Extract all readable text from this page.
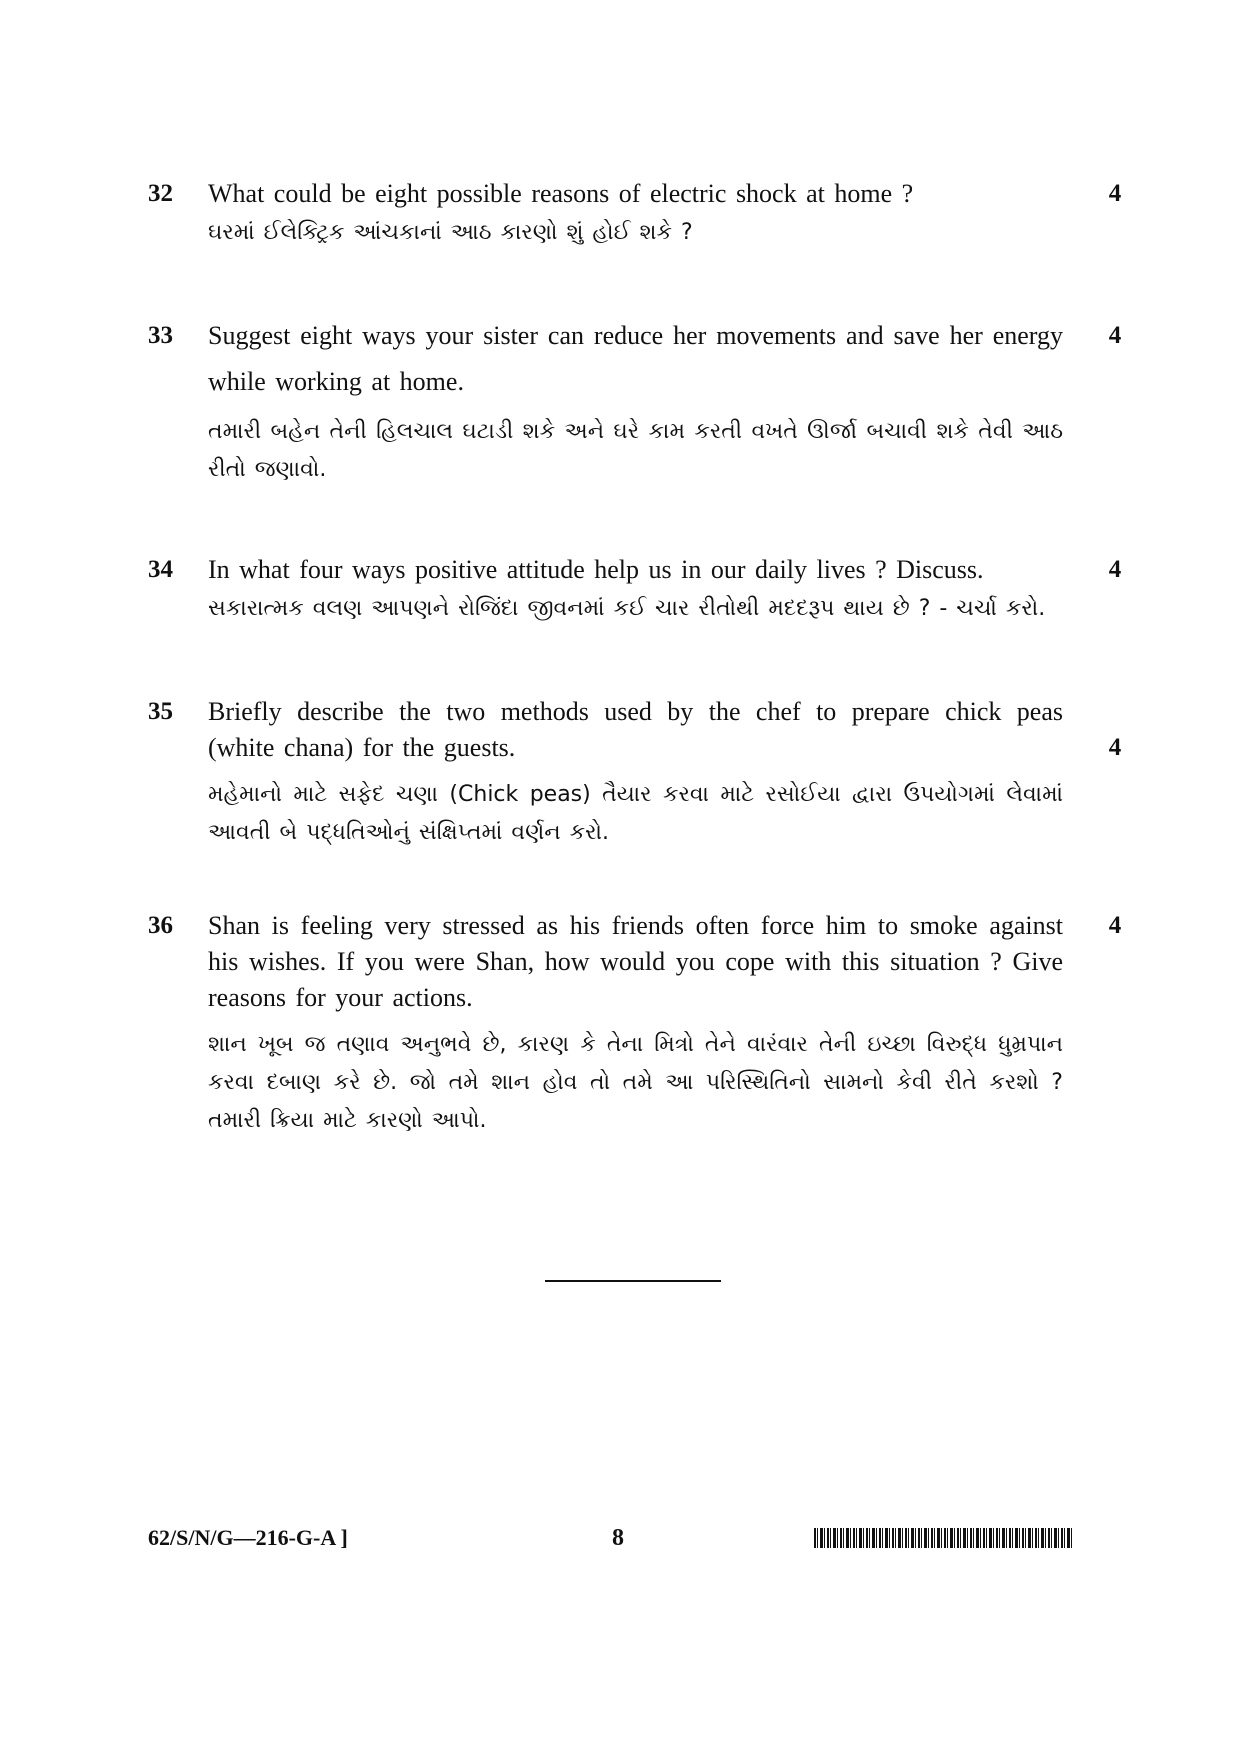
32 What could be eight possible reasons of electric shock at home ?

ઘરમાં ઈલેક્ટ્રિક આંચકાનાં આઠ કારણો શું હોઈ શકે ?

4
33 Suggest eight ways your sister can reduce her movements and save her energy while working at home.

તમારી બહેન તેની હિલચાલ ઘટાડી શકે અને ઘરે કામ કરતી વખતે ઊર્જા બચાવી શકે તેવી આઠ રીતો જણાવો.

4
34 In what four ways positive attitude help us in our daily lives ? Discuss.

સકારાત્મક વલણ આપણને રોજિંદા જીવનમાં કઈ ચાર રીતોથી મદદરૂપ થાય છે ? - ચર્ચા કરો.

4
35 Briefly describe the two methods used by the chef to prepare chick peas (white chana) for the guests.

મહેમાનો માટે સફેદ ચણા (Chick peas) તૈયાર કરવા માટે રસોઈયા દ્વારા ઉપયોગમાં લેવામાં આવતી બે પદ્ધતિઓનું સંક્ષિપ્તમાં વર્ણન કરો.

4
36 Shan is feeling very stressed as his friends often force him to smoke against his wishes. If you were Shan, how would you cope with this situation ? Give reasons for your actions.

શાન ખૂબ જ તણાવ અનુભવે છે, કારણ કે તેના મિત્રો તેને વારંવાર તેની ઇચ્છા વિરુદ્ધ ધુમ્રપાન કરવા દબાણ કરે છે. જો તમે શાન હોવ તો તમે આ પરિસ્થિતિનો સામનો કેવી રીતે કરશો ? તમારી ક્રિયા માટે કારણો આપો.

4
62/S/N/G—216-G-A ]	8
